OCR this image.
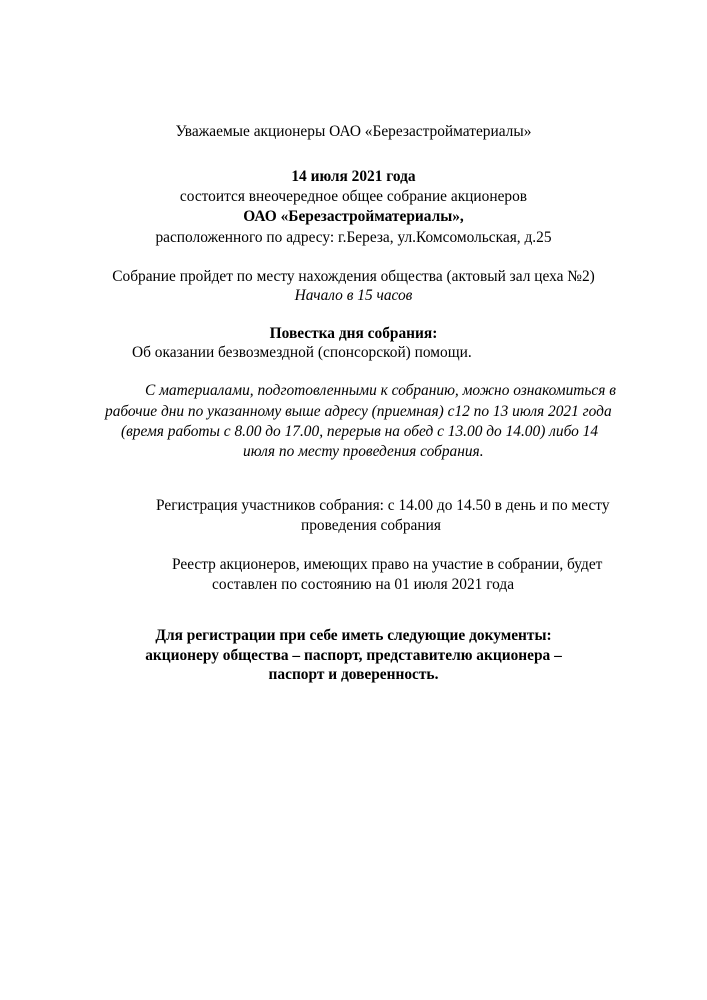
Уважаемые акционеры ОАО «Березастройматериалы»
14 июля 2021 года
состоится внеочередное общее собрание акционеров
ОАО «Березастройматериалы»,
расположенного по адресу: г.Береза, ул.Комсомольская, д.25
Собрание пройдет по месту нахождения общества (актовый зал цеха №2)
Начало в 15 часов
Повестка дня собрания:
Об оказании безвозмездной (спонсорской) помощи.
С материалами, подготовленными к собранию, можно ознакомиться в
рабочие дни по указанному выше адресу (приемная) с12 по 13 июля 2021 года
(время работы с 8.00 до 17.00, перерыв на обед с 13.00 до 14.00) либо 14
июля по месту проведения собрания.
Регистрация участников собрания: с 14.00 до 14.50 в день и по месту
проведения собрания
Реестр акционеров, имеющих право на участие в собрании, будет
составлен по состоянию на 01 июля 2021 года
Для регистрации при себе иметь следующие документы:
акционеру общества – паспорт, представителю акционера –
паспорт и доверенность.
